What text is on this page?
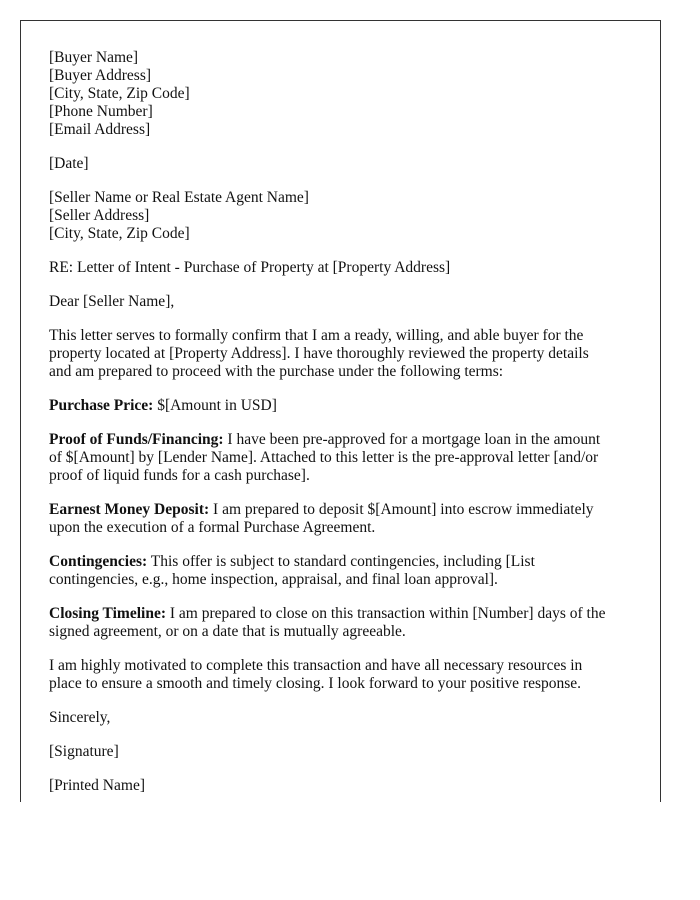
[Buyer Name]
[Buyer Address]
[City, State, Zip Code]
[Phone Number]
[Email Address]

[Date]

[Seller Name or Real Estate Agent Name]
[Seller Address]
[City, State, Zip Code]

RE: Letter of Intent - Purchase of Property at [Property Address]

Dear [Seller Name],

This letter serves to formally confirm that I am a ready, willing, and able buyer for the
property located at [Property Address]. I have thoroughly reviewed the property details
and am prepared to proceed with the purchase under the following terms:

Purchase Price: $[Amount in USD]

Proof of Funds/Financing: I have been pre-approved for a mortgage loan in the amount
of $[Amount] by [Lender Name]. Attached to this letter is the pre-approval letter [and/or
proof of liquid funds for a cash purchase].

Earnest Money Deposit: I am prepared to deposit $[Amount] into escrow immediately
upon the execution of a formal Purchase Agreement.

Contingencies: This offer is subject to standard contingencies, including [List
contingencies, e.g., home inspection, appraisal, and final loan approval].

Closing Timeline: I am prepared to close on this transaction within [Number] days of the
signed agreement, or on a date that is mutually agreeable.

I am highly motivated to complete this transaction and have all necessary resources in
place to ensure a smooth and timely closing. I look forward to your positive response.

Sincerely,

[Signature]

[Printed Name]
